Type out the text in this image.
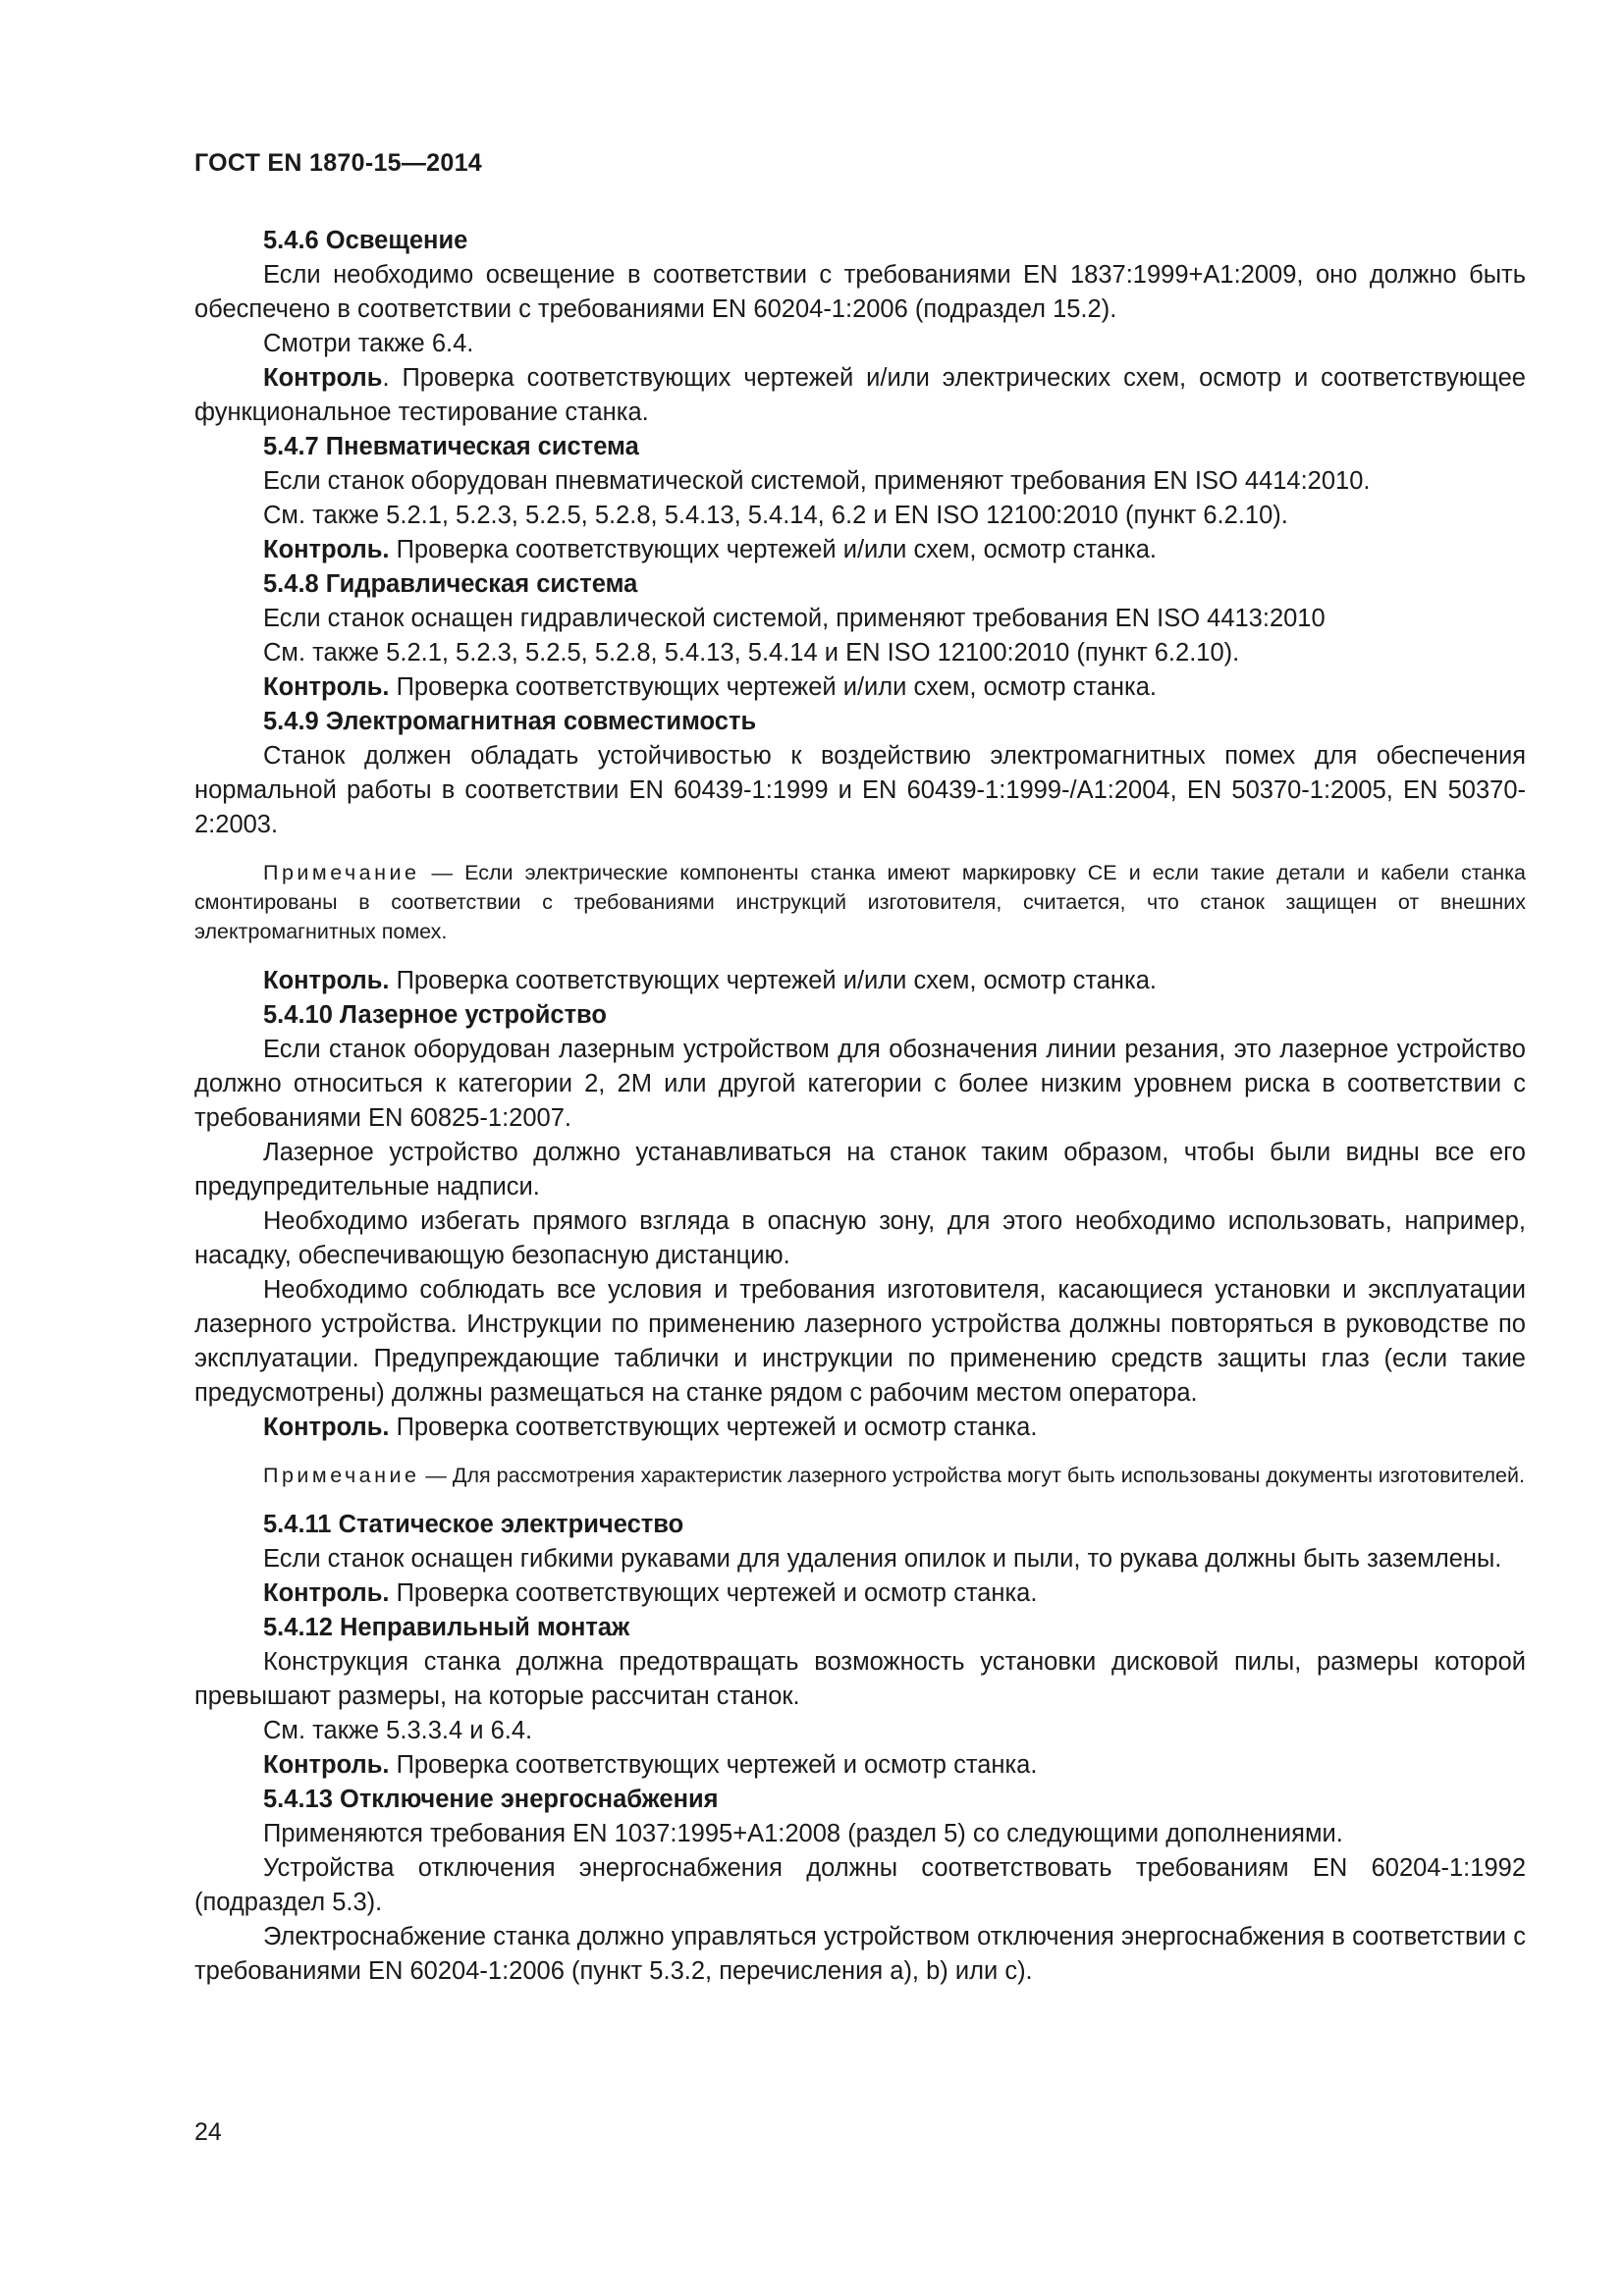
ГОСТ EN 1870-15—2014

5.4.6 Освещение

Если необходимо освещение в соответствии с требованиями EN 1837:1999+А1:2009, оно должно быть обеспечено в соответствии с требованиями EN 60204-1:2006 (подраздел 15.2).

Смотри также 6.4.

Контроль. Проверка соответствующих чертежей и/или электрических схем, осмотр и соответствующее функциональное тестирование станка.

5.4.7 Пневматическая система

Если станок оборудован пневматической системой, применяют требования EN ISO 4414:2010.

См. также 5.2.1, 5.2.3, 5.2.5, 5.2.8, 5.4.13, 5.4.14, 6.2 и EN ISO 12100:2010 (пункт 6.2.10).

Контроль. Проверка соответствующих чертежей и/или схем, осмотр станка.

5.4.8 Гидравлическая система

Если станок оснащен гидравлической системой, применяют требования EN ISO 4413:2010

См. также 5.2.1, 5.2.3, 5.2.5, 5.2.8, 5.4.13, 5.4.14 и EN ISO 12100:2010 (пункт 6.2.10).

Контроль. Проверка соответствующих чертежей и/или схем, осмотр станка.

5.4.9 Электромагнитная совместимость

Станок должен обладать устойчивостью к воздействию электромагнитных помех для обеспечения нормальной работы в соответствии EN 60439-1:1999 и EN 60439-1:1999-/А1:2004, EN 50370-1:2005, EN 50370-2:2003.

Примечание — Если электрические компоненты станка имеют маркировку СЕ и если такие детали и кабели станка смонтированы в соответствии с требованиями инструкций изготовителя, считается, что станок защищен от внешних электромагнитных помех.

Контроль. Проверка соответствующих чертежей и/или схем, осмотр станка.

5.4.10 Лазерное устройство

Если станок оборудован лазерным устройством для обозначения линии резания, это лазерное устройство должно относиться к категории 2, 2М или другой категории с более низким уровнем риска в соответствии с требованиями EN 60825-1:2007.

Лазерное устройство должно устанавливаться на станок таким образом, чтобы были видны все его предупредительные надписи.

Необходимо избегать прямого взгляда в опасную зону, для этого необходимо использовать, например, насадку, обеспечивающую безопасную дистанцию.

Необходимо соблюдать все условия и требования изготовителя, касающиеся установки и эксплуатации лазерного устройства. Инструкции по применению лазерного устройства должны повторяться в руководстве по эксплуатации. Предупреждающие таблички и инструкции по применению средств защиты глаз (если такие предусмотрены) должны размещаться на станке рядом с рабочим местом оператора.

Контроль. Проверка соответствующих чертежей и осмотр станка.

Примечание — Для рассмотрения характеристик лазерного устройства могут быть использованы документы изготовителей.

5.4.11 Статическое электричество

Если станок оснащен гибкими рукавами для удаления опилок и пыли, то рукава должны быть заземлены.

Контроль. Проверка соответствующих чертежей и осмотр станка.

5.4.12 Неправильный монтаж

Конструкция станка должна предотвращать возможность установки дисковой пилы, размеры которой превышают размеры, на которые рассчитан станок.

См. также 5.3.3.4 и 6.4.

Контроль. Проверка соответствующих чертежей и осмотр станка.

5.4.13 Отключение энергоснабжения

Применяются требования EN 1037:1995+А1:2008 (раздел 5) со следующими дополнениями.

Устройства отключения энергоснабжения должны соответствовать требованиям EN 60204-1:1992 (подраздел 5.3).

Электроснабжение станка должно управляться устройством отключения энергоснабжения в соответствии с требованиями EN 60204-1:2006 (пункт 5.3.2, перечисления а), b) или с).

24
